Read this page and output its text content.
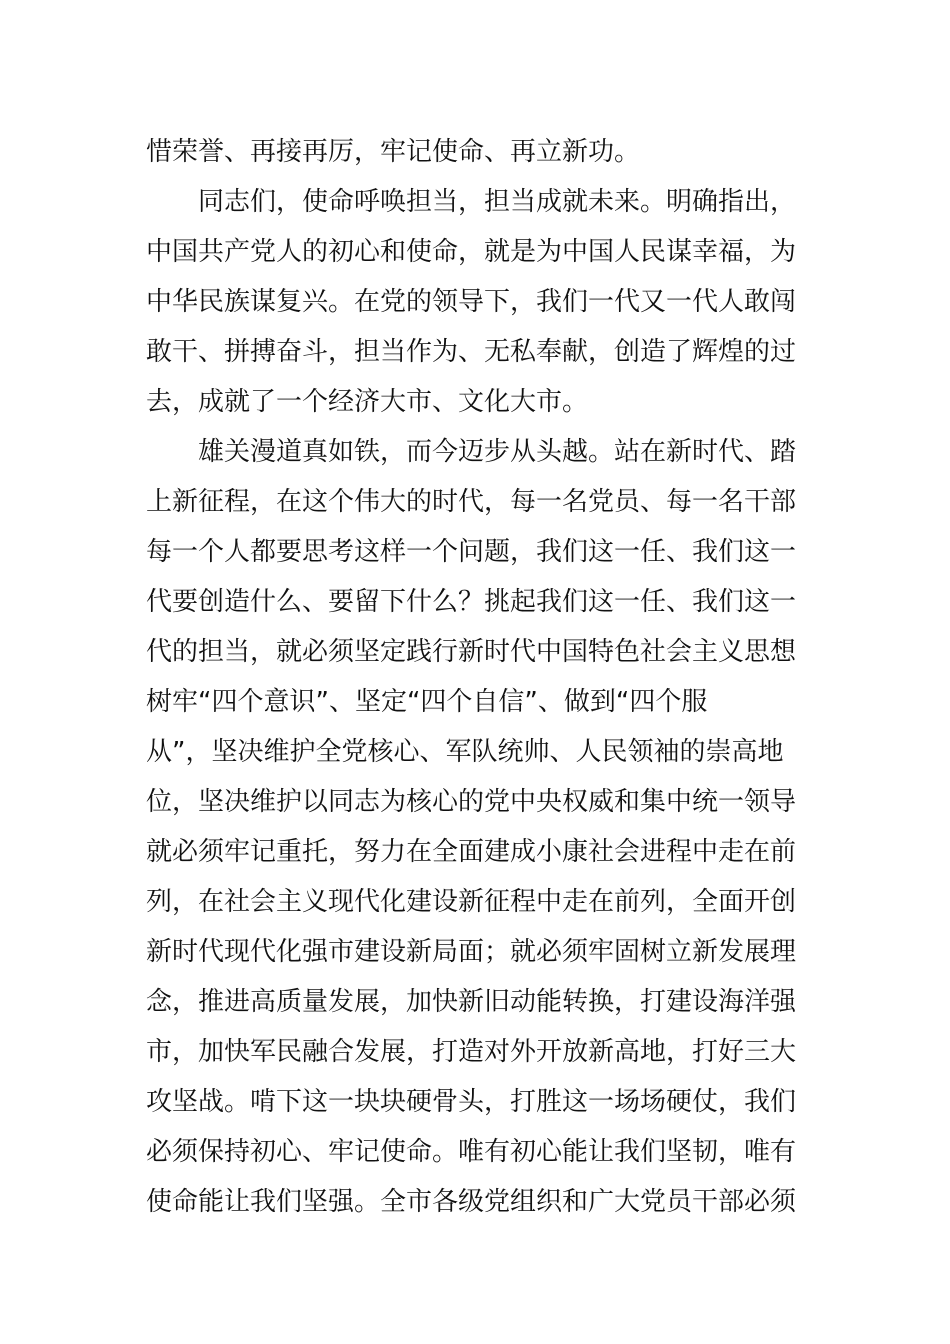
惜荣誉、再接再厉，牢记使命、再立新功。
同志们，使命呼唤担当，担当成就未来。明确指出，
中国共产党人的初心和使命，就是为中国人民谋幸福，为
中华民族谋复兴。在党的领导下，我们一代又一代人敢闯
敢干、拼搏奋斗，担当作为、无私奉献，创造了辉煌的过
去，成就了一个经济大市、文化大市。
雄关漫道真如铁，而今迈步从头越。站在新时代、踏
上新征程，在这个伟大的时代，每一名党员、每一名干部
每一个人都要思考这样一个问题，我们这一任、我们这一
代要创造什么、要留下什么？挑起我们这一任、我们这一
代的担当，就必须坚定践行新时代中国特色社会主义思想
树牢“四个意识”、坚定“四个自信”、做到“四个服
从”，坚决维护全党核心、军队统帅、人民领袖的崇高地
位，坚决维护以同志为核心的党中央权威和集中统一领导
就必须牢记重托，努力在全面建成小康社会进程中走在前
列，在社会主义现代化建设新征程中走在前列，全面开创
新时代现代化强市建设新局面；就必须牢固树立新发展理
念，推进高质量发展，加快新旧动能转换，打建设海洋强
市，加快军民融合发展，打造对外开放新高地，打好三大
攻坚战。啃下这一块块硬骨头，打胜这一场场硬仗，我们
必须保持初心、牢记使命。唯有初心能让我们坚韧，唯有
使命能让我们坚强。全市各级党组织和广大党员干部必须
